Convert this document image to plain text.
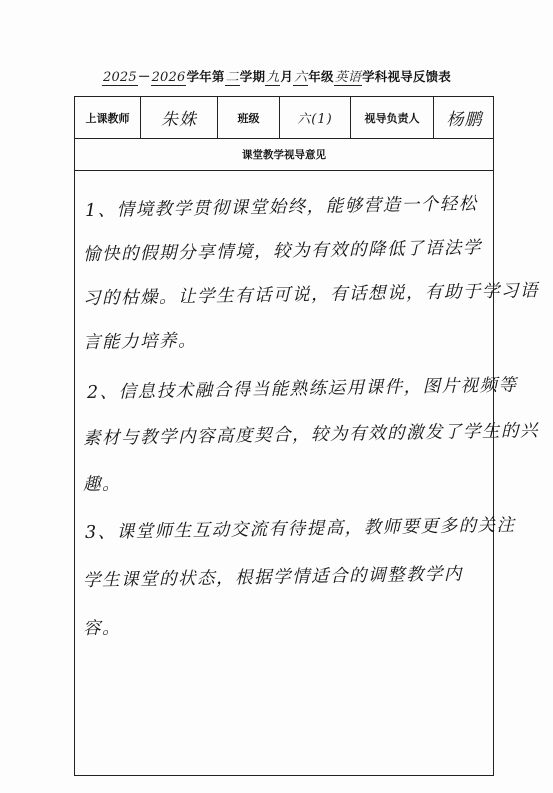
2025－2026学年第二学期九月六年级英语学科视导反馈表
上课教师	朱姝	班级	六(1)	视导负责人	杨鹏
课堂教学视导意见
1、情境教学贯彻课堂始终，能够营造一个轻松
愉快的假期分享情境，较为有效的降低了语法学
习的枯燥。让学生有话可说，有话想说，有助于学习语
言能力培养。
2、信息技术融合得当能熟练运用课件，图片视频等
素材与教学内容高度契合，较为有效的激发了学生的兴
趣。
3、课堂师生互动交流有待提高，教师要更多的关注
学生课堂的状态，根据学情适合的调整教学内
容。
